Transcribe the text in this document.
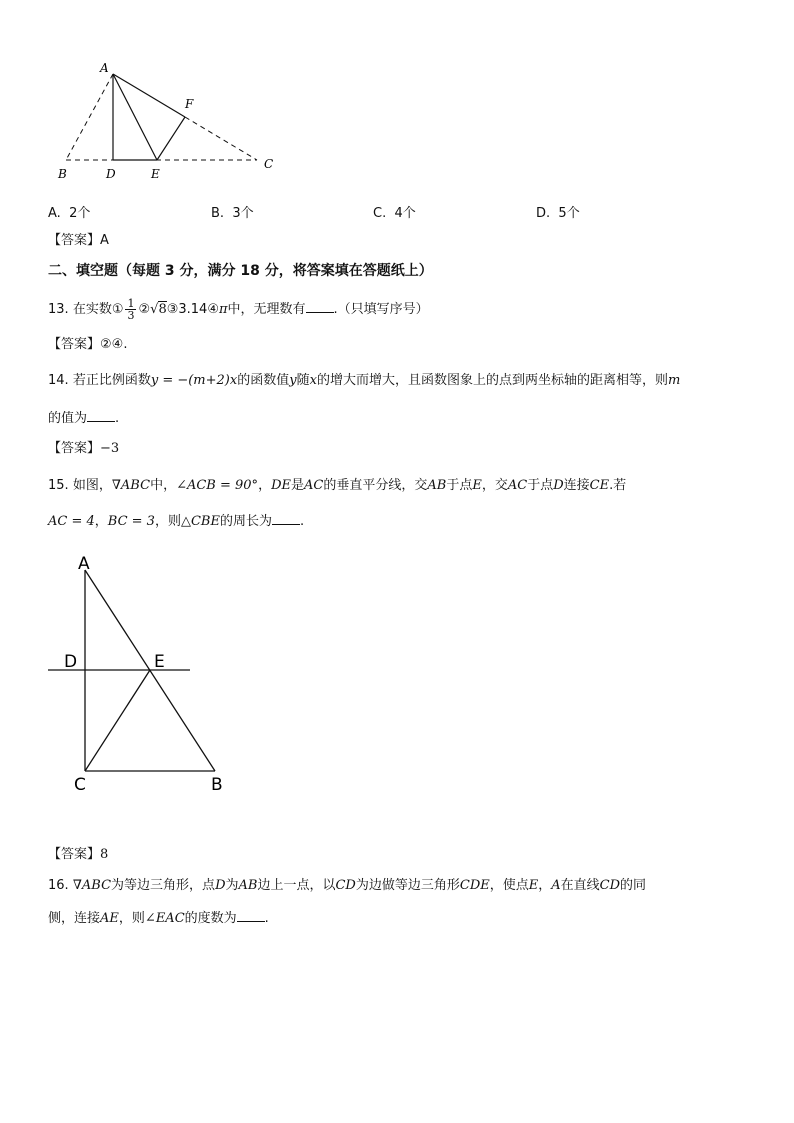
A
F
C
B	D	E
A. 2个	B. 3个	C. 4个	D. 5个
【答案】A
二、填空题（每题 3 分，满分 18 分，将答案填在答题纸上）
13. 在实数① $\frac{1}{3}$ ②√8③3.14④π中，无理数有 .（只填写序号）
【答案】②④.
14. 若正比例函数y = −(m+2)x的函数值y随x的增大而增大，且函数图象上的点到两坐标轴的距离相等，则m
的值为 .
【答案】−3
15. 如图，∇ABC中，∠ACB = 90°，DE是AC的垂直平分线，交AB于点E，交AC于点D连接CE.若
AC = 4，BC = 3，则△CBE的周长为 .
A
D	E
C	B
【答案】8
16. ∇ABC为等边三角形，点D为AB边上一点，以CD为边做等边三角形CDE，使点E，A在直线CD的同
侧，连接AE，则∠EAC的度数为 .
